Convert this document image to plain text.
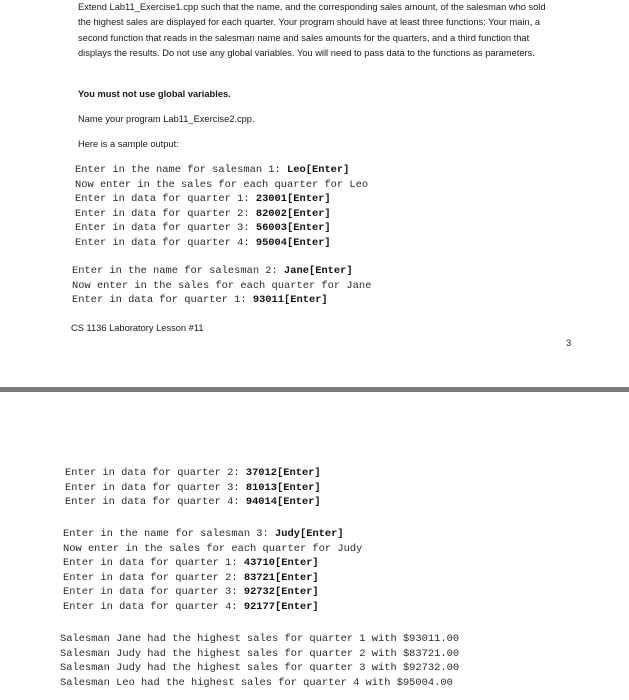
Extend Lab11_Exercise1.cpp such that the name, and the corresponding sales amount, of the salesman who sold the highest sales are displayed for each quarter. Your program should have at least three functions: Your main, a second function that reads in the salesman name and sales amounts for the quarters, and a third function that displays the results. Do not use any global variables. You will need to pass data to the functions as parameters.

You must not use global variables.

Name your program Lab11_Exercise2.cpp.

Here is a sample output:

Enter in the name for salesman 1: Leo[Enter]
Now enter in the sales for each quarter for Leo
Enter in data for quarter 1: 23001[Enter]
Enter in data for quarter 2: 82002[Enter]
Enter in data for quarter 3: 56003[Enter]
Enter in data for quarter 4: 95004[Enter]
Enter in the name for salesman 2: Jane[Enter]
Now enter in the sales for each quarter for Jane
Enter in data for quarter 1: 93011[Enter]
CS 1136 Laboratory Lesson #11
3
Enter in data for quarter 2: 37012[Enter]
Enter in data for quarter 3: 81013[Enter]
Enter in data for quarter 4: 94014[Enter]
Enter in the name for salesman 3: Judy[Enter]
Now enter in the sales for each quarter for Judy
Enter in data for quarter 1: 43710[Enter]
Enter in data for quarter 2: 83721[Enter]
Enter in data for quarter 3: 92732[Enter]
Enter in data for quarter 4: 92177[Enter]
Salesman Jane had the highest sales for quarter 1 with $93011.00
Salesman Judy had the highest sales for quarter 2 with $83721.00
Salesman Judy had the highest sales for quarter 3 with $92732.00
Salesman Leo had the highest sales for quarter 4 with $95004.00
